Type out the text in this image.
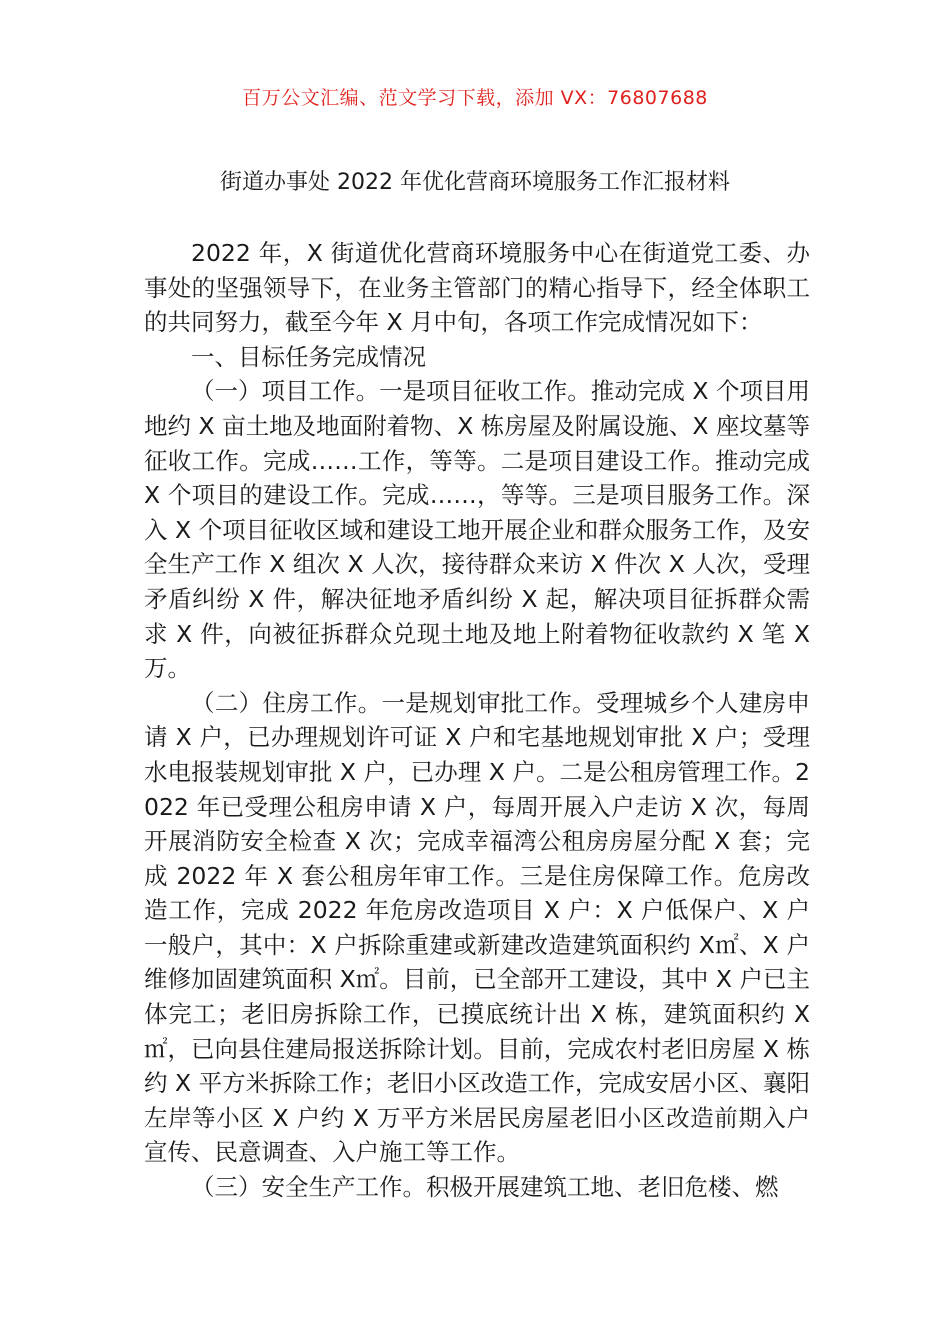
百万公文汇编、范文学习下载，添加 VX：76807688
街道办事处 2022 年优化营商环境服务工作汇报材料

2022 年，X 街道优化营商环境服务中心在街道党工委、办事处的坚强领导下，在业务主管部门的精心指导下，经全体职工的共同努力，截至今年 X 月中旬，各项工作完成情况如下：

一、目标任务完成情况

（一）项目工作。一是项目征收工作。推动完成 X 个项目用地约 X 亩土地及地面附着物、X 栋房屋及附属设施、X 座坟墓等征收工作。完成……工作，等等。二是项目建设工作。推动完成 X 个项目的建设工作。完成……，等等。三是项目服务工作。深入 X 个项目征收区域和建设工地开展企业和群众服务工作，及安全生产工作 X 组次 X 人次，接待群众来访 X 件次 X 人次，受理矛盾纠纷 X 件，解决征地矛盾纠纷 X 起，解决项目征拆群众需求 X 件，向被征拆群众兑现土地及地上附着物征收款约 X 笔 X 万。

（二）住房工作。一是规划审批工作。受理城乡个人建房申请 X 户，已办理规划许可证 X 户和宅基地规划审批 X 户；受理水电报装规划审批 X 户，已办理 X 户。二是公租房管理工作。2022 年已受理公租房申请 X 户，每周开展入户走访 X 次，每周开展消防安全检查 X 次；完成幸福湾公租房房屋分配 X 套；完成 2022 年 X 套公租房年审工作。三是住房保障工作。危房改造工作，完成 2022 年危房改造项目 X 户：X 户低保户、X 户一般户，其中：X 户拆除重建或新建改造建筑面积约 X㎡、X 户维修加固建筑面积 X㎡。目前，已全部开工建设，其中 X 户已主体完工；老旧房拆除工作，已摸底统计出 X 栋，建筑面积约 X㎡，已向县住建局报送拆除计划。目前，完成农村老旧房屋 X 栋约 X 平方米拆除工作；老旧小区改造工作，完成安居小区、襄阳左岸等小区 X 户约 X 万平方米居民房屋老旧小区改造前期入户宣传、民意调查、入户施工等工作。

（三）安全生产工作。积极开展建筑工地、老旧危楼、燃
